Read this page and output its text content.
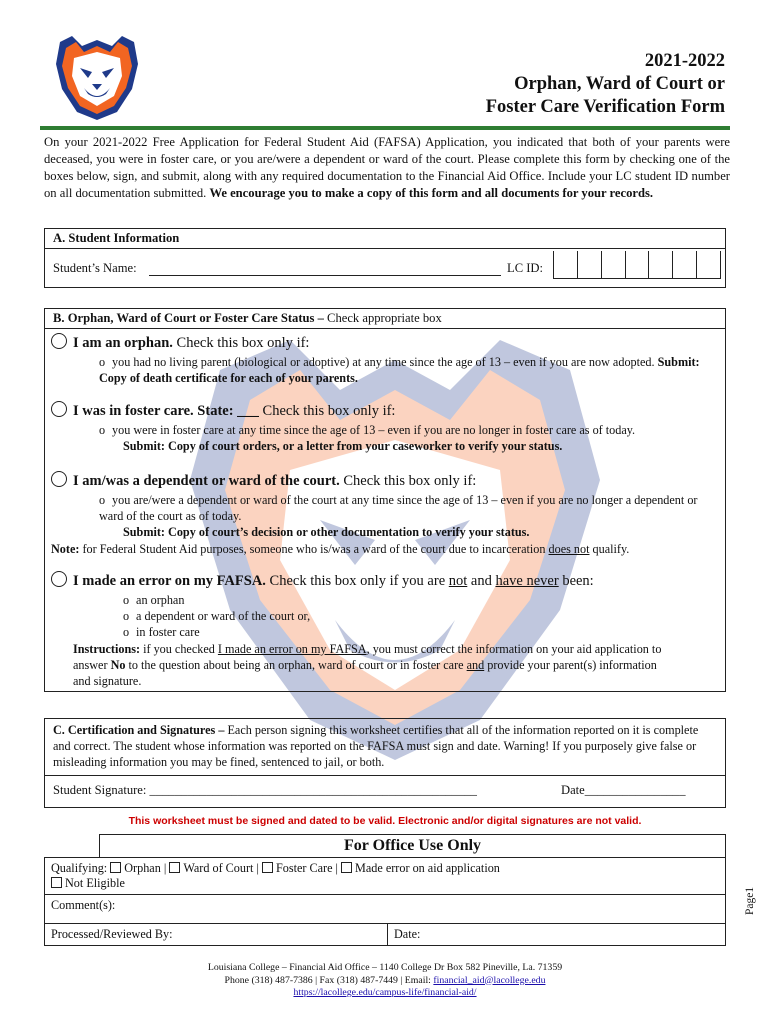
2021-2022
Orphan, Ward of Court or
Foster Care Verification Form
On your 2021-2022 Free Application for Federal Student Aid (FAFSA) Application, you indicated that both of your parents were deceased, you were in foster care, or you are/were a dependent or ward of the court. Please complete this form by checking one of the boxes below, sign, and submit, along with any required documentation to the Financial Aid Office. Include your LC student ID number on all documentation submitted. We encourage you to make a copy of this form and all documents for your records.
A. Student Information
Student’s Name:	LC ID:
B. Orphan, Ward of Court or Foster Care Status – Check appropriate box
I am an orphan. Check this box only if:
o you had no living parent (biological or adoptive) at any time since the age of 13 – even if you are now adopted. Submit: Copy of death certificate for each of your parents.
I was in foster care. State: ___ Check this box only if:
o you were in foster care at any time since the age of 13 – even if you are no longer in foster care as of today.
Submit: Copy of court orders, or a letter from your caseworker to verify your status.
I am/was a dependent or ward of the court. Check this box only if:
o you are/were a dependent or ward of the court at any time since the age of 13 – even if you are no longer a dependent or ward of the court as of today.
Submit: Copy of court’s decision or other documentation to verify your status.
Note: for Federal Student Aid purposes, someone who is/was a ward of the court due to incarceration does not qualify.
I made an error on my FAFSA. Check this box only if you are not and have never been:
o an orphan
o a dependent or ward of the court or,
o in foster care
Instructions: if you checked I made an error on my FAFSA, you must correct the information on your aid application to answer No to the question about being an orphan, ward of court or in foster care and provide your parent(s) information and signature.
C. Certification and Signatures – Each person signing this worksheet certifies that all of the information reported on it is complete and correct. The student whose information was reported on the FAFSA must sign and date. Warning! If you purposely give false or misleading information you may be fined, sentenced to jail, or both.
Student Signature: ____________________________________________________	Date________________
This worksheet must be signed and dated to be valid. Electronic and/or digital signatures are not valid.
	For Office Use Only
Qualifying: Orphan | Ward of Court | Foster Care | Made error on aid application
Not Eligible
Comment(s):
Processed/Reviewed By:	Date:
Louisiana College – Financial Aid Office – 1140 College Dr Box 582 Pineville, La. 71359
Phone (318) 487-7386 | Fax (318) 487-7449 | Email: financial_aid@lacollege.edu
https://lacollege.edu/campus-life/financial-aid/
Page1
